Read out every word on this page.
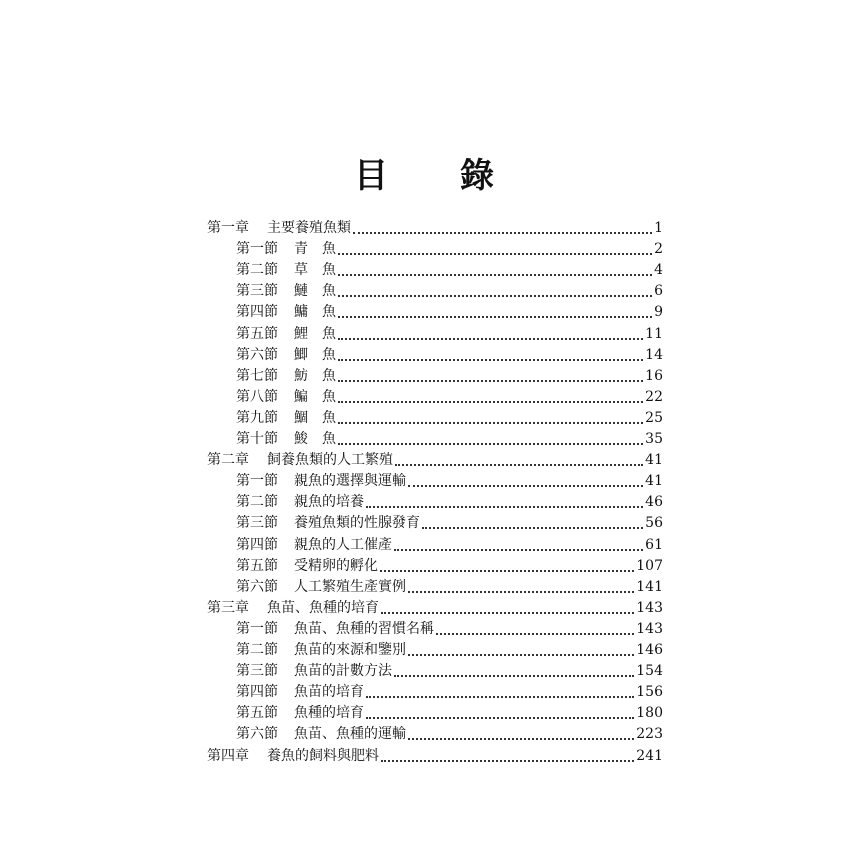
目 錄
第一章	主要養殖魚類	1
第一節	青　魚	2
第二節	草　魚	4
第三節	鰱　魚	6
第四節	鱅　魚	9
第五節	鯉　魚	11
第六節	鯽　魚	14
第七節	魴　魚	16
第八節	鯿　魚	22
第九節	鯝　魚	25
第十節	鮻　魚	35
第二章	飼養魚類的人工繁殖	41
第一節	親魚的選擇與運輸	41
第二節	親魚的培養	46
第三節	養殖魚類的性腺發育	56
第四節	親魚的人工催產	61
第五節	受精卵的孵化	107
第六節	人工繁殖生產實例	141
第三章	魚苗、魚種的培育	143
第一節	魚苗、魚種的習慣名稱	143
第二節	魚苗的來源和鑒別	146
第三節	魚苗的計數方法	154
第四節	魚苗的培育	156
第五節	魚種的培育	180
第六節	魚苗、魚種的運輸	223
第四章	養魚的飼料與肥料	241
